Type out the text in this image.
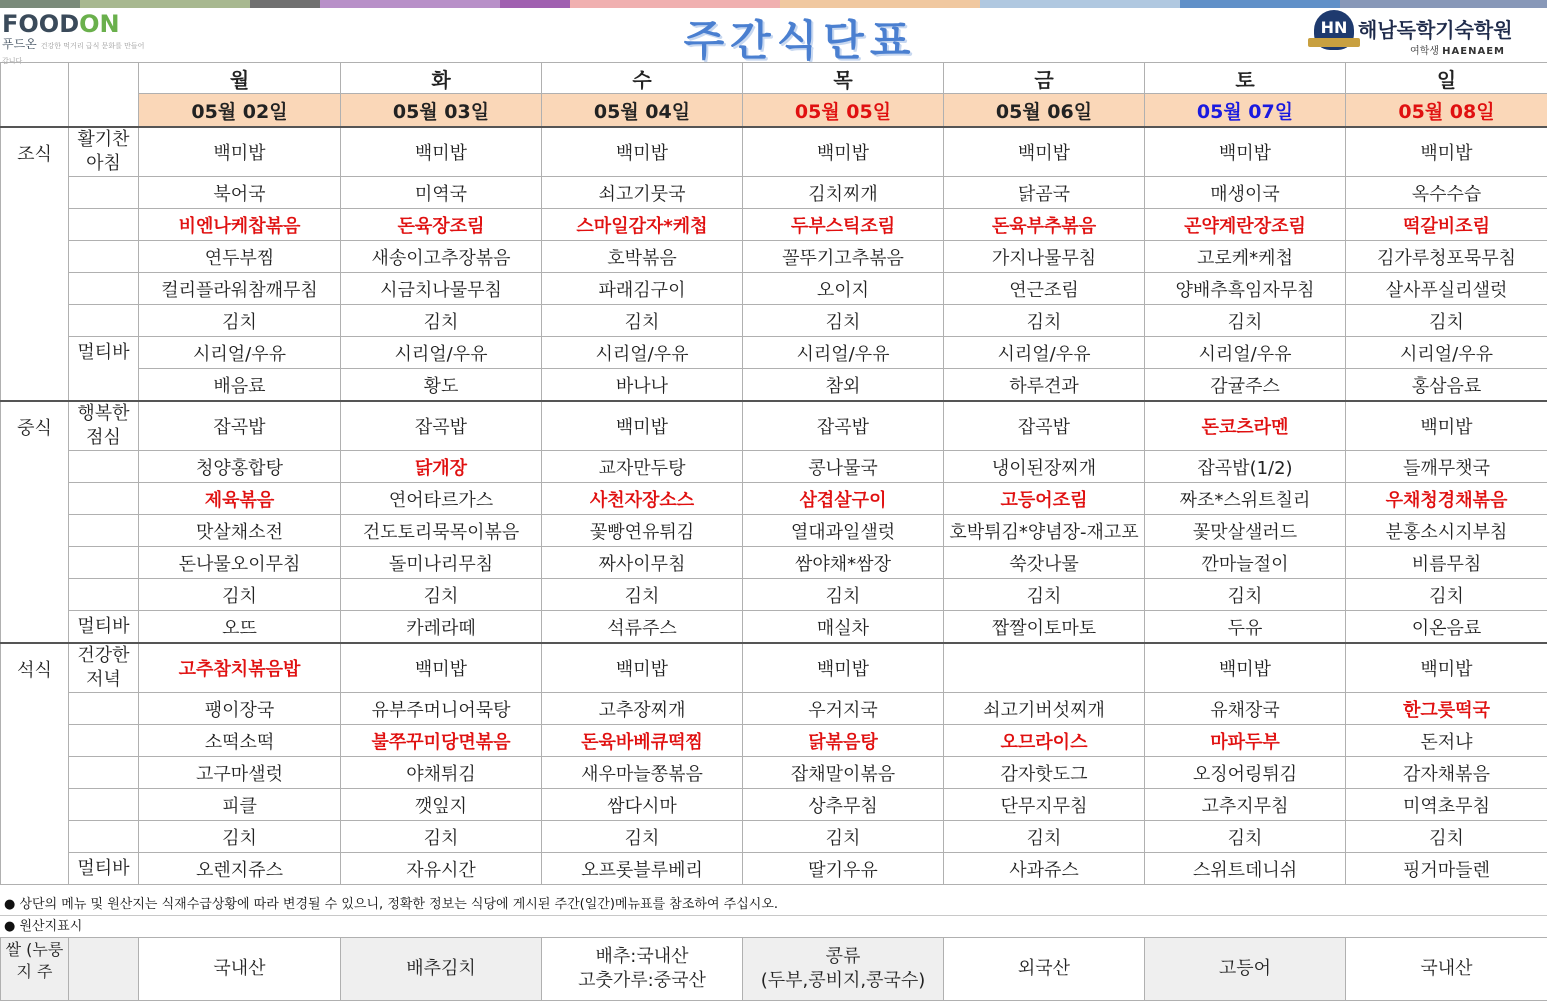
FOODON
푸드온 건강한 먹거리 급식 문화를 만들어 갑니다	주간식단표	HN 해남독학기숙학원
여학생 HAENAEM
		월	화	수	목	금	토	일
		05월 02일	05월 03일	05월 04일	05월 05일	05월 06일	05월 07일	05월 08일
조식	활기찬 아침	백미밥	백미밥	백미밥	백미밥	백미밥	백미밥	백미밥
		북어국	미역국	쇠고기뭇국	김치찌개	닭곰국	매생이국	옥수수습
		비엔나케찹볶음	돈육장조림	스마일감자*케첩	두부스틱조림	돈육부추볶음	곤약계란장조림	떡갈비조림
		연두부찜	새송이고추장볶음	호박볶음	꼴뚜기고추볶음	가지나물무침	고로케*케첩	김가루청포묵무침
		컬리플라워참깨무침	시금치나물무침	파래김구이	오이지	연근조림	양배추흑임자무침	살사푸실리샐럿
		김치	김치	김치	김치	김치	김치	김치
	멀티바	시리얼/우유	시리얼/우유	시리얼/우유	시리얼/우유	시리얼/우유	시리얼/우유	시리얼/우유
		배음료	황도	바나나	참외	하루견과	감귤주스	홍삼음료
중식	행복한 점심	잡곡밥	잡곡밥	백미밥	잡곡밥	잡곡밥	돈코츠라멘	백미밥
		청양홍합탕	닭개장	교자만두탕	콩나물국	냉이된장찌개	잡곡밥(1/2)	들깨무챗국
		제육볶음	연어타르가스	사천자장소스	삼겹살구이	고등어조림	짜조*스위트칠리	우채청경채볶음
		맛살채소전	건도토리묵목이볶음	꽃빵연유튀김	열대과일샐럿	호박튀김*양념장-재고포	꽃맛살샐러드	분홍소시지부침
		돈나물오이무침	돌미나리무침	짜사이무침	쌈야채*쌈장	쑥갓나물	깐마늘절이	비름무침
		김치	김치	김치	김치	김치	김치	김치
	멀티바	오뜨	카레라떼	석류주스	매실차	짭짤이토마토	두유	이온음료
석식	건강한 저녁	고추참치볶음밥	백미밥	백미밥	백미밥		백미밥	백미밥
		팽이장국	유부주머니어묵탕	고추장찌개	우거지국	쇠고기버섯찌개	유채장국	한그릇떡국
		소떡소떡	불쭈꾸미당면볶음	돈육바베큐떡찜	닭볶음탕	오므라이스	마파두부	돈저냐
		고구마샐럿	야채튀김	새우마늘쫑볶음	잡채말이볶음	감자핫도그	오징어링튀김	감자채볶음
		피클	깻잎지	쌈다시마	상추무침	단무지무침	고추지무침	미역초무침
		김치	김치	김치	김치	김치	김치	김치
	멀티바	오렌지쥬스	자유시간	오프롯블루베리	딸기우유	사과쥬스	스위트데니쉬	핑거마들렌
● 상단의 메뉴 및 원산지는 식재수급상황에 따라 변경될 수 있으니, 정확한 정보는 식당에 게시된 주간(일간)메뉴표를 참조하여 주십시오.
● 원산지표시
쌀 (누룽지 주		국내산	배추김치	배추:국내산
고춧가루:중국산	콩류
(두부,콩비지,콩국수)	외국산	고등어	국내산
